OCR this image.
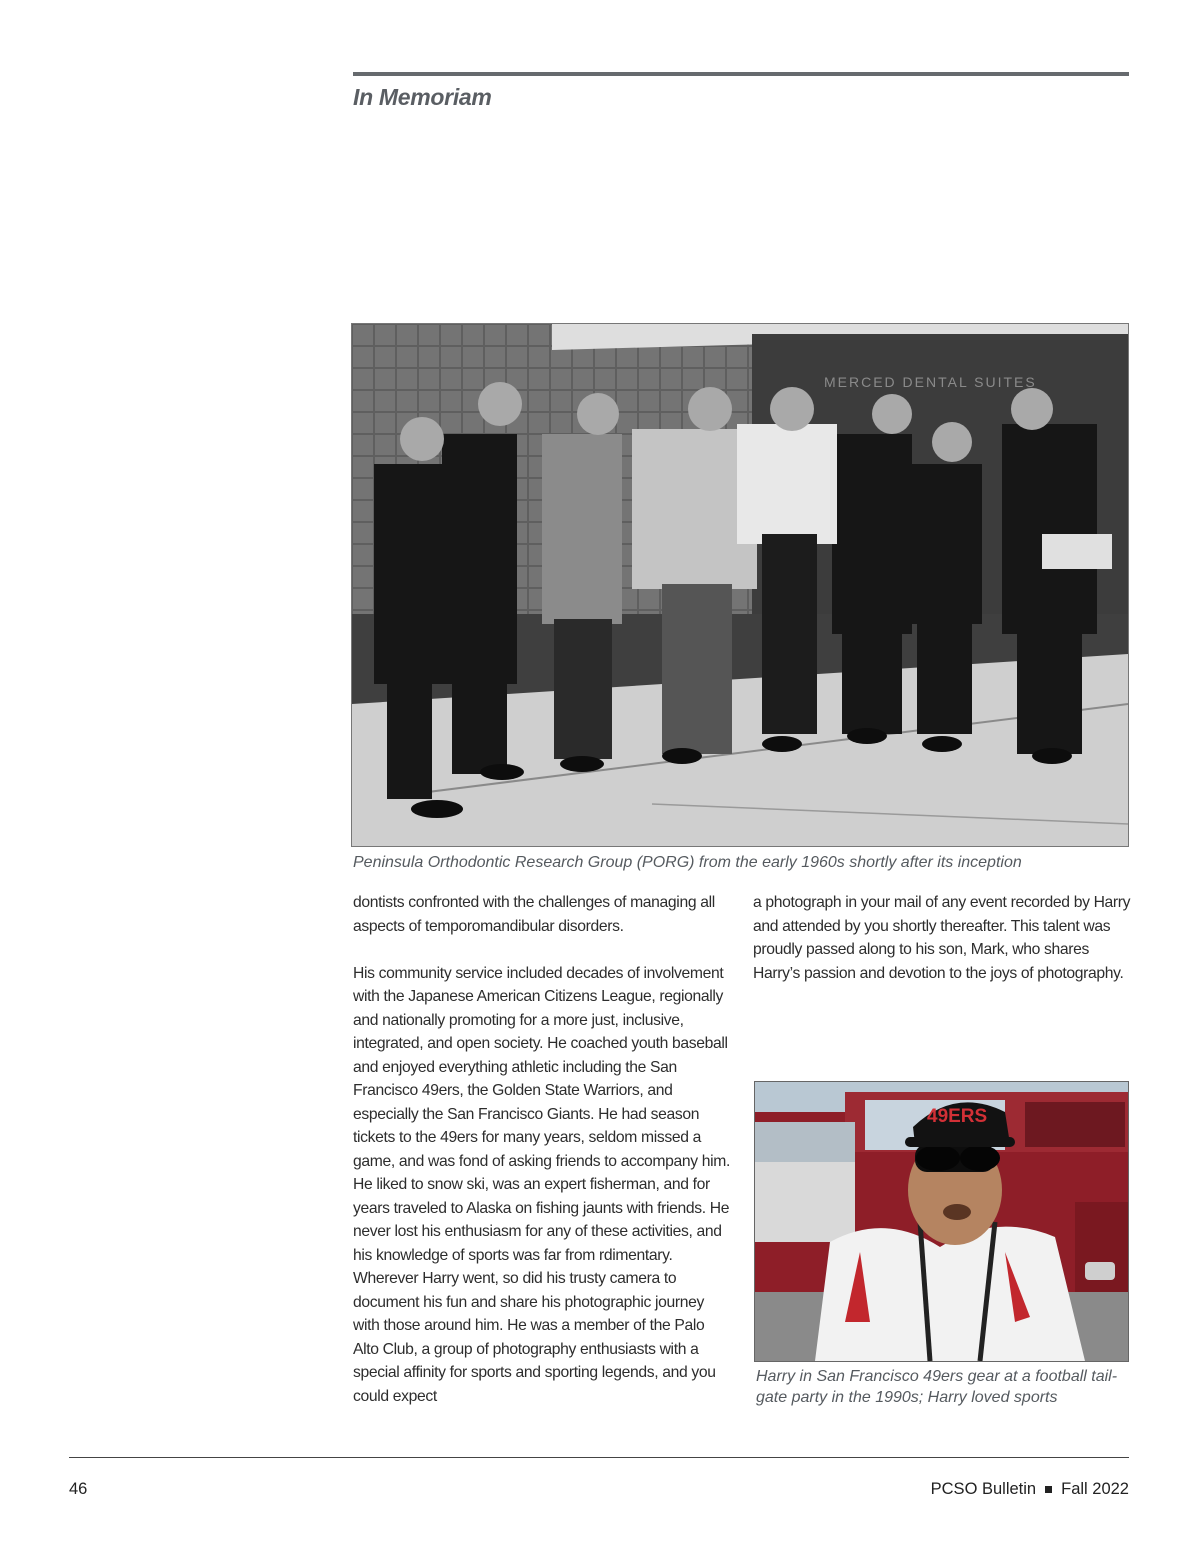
In Memoriam
MERCED DENTAL SUITES

Peninsula Orthodontic Research Group (PORG) from the early 1960s shortly after its inception

dontists confronted with the challenges of managing all aspects of temporomandibular disorders.

His community service included decades of involvement with the Japanese American Citizens League, regionally and nationally promoting for a more just, inclusive, integrated, and open society. He coached youth baseball and enjoyed everything athletic including the San Francisco 49ers, the Golden State Warriors, and especially the San Francisco Giants. He had season tickets to the 49ers for many years, seldom missed a game, and was fond of asking friends to accompany him. He liked to snow ski, was an expert fisherman, and for years traveled to Alaska on fishing jaunts with friends. He never lost his enthusiasm for any of these activities, and his knowledge of sports was far from rdimentary. Wherever Harry went, so did his trusty camera to document his fun and share his photographic journey with those around him. He was a member of the Palo Alto Club, a group of photography enthusiasts with a special affinity for sports and sporting legends, and you could expect

a photograph in your mail of any event recorded by Harry and attended by you shortly thereafter. This talent was proudly passed along to his son, Mark, who shares Harry’s passion and devotion to the joys of photography.

49ERS

Harry in San Francisco 49ers gear at a football tail-
gate party in the 1990s; Harry loved sports

46	PCSO Bulletin Fall 2022
